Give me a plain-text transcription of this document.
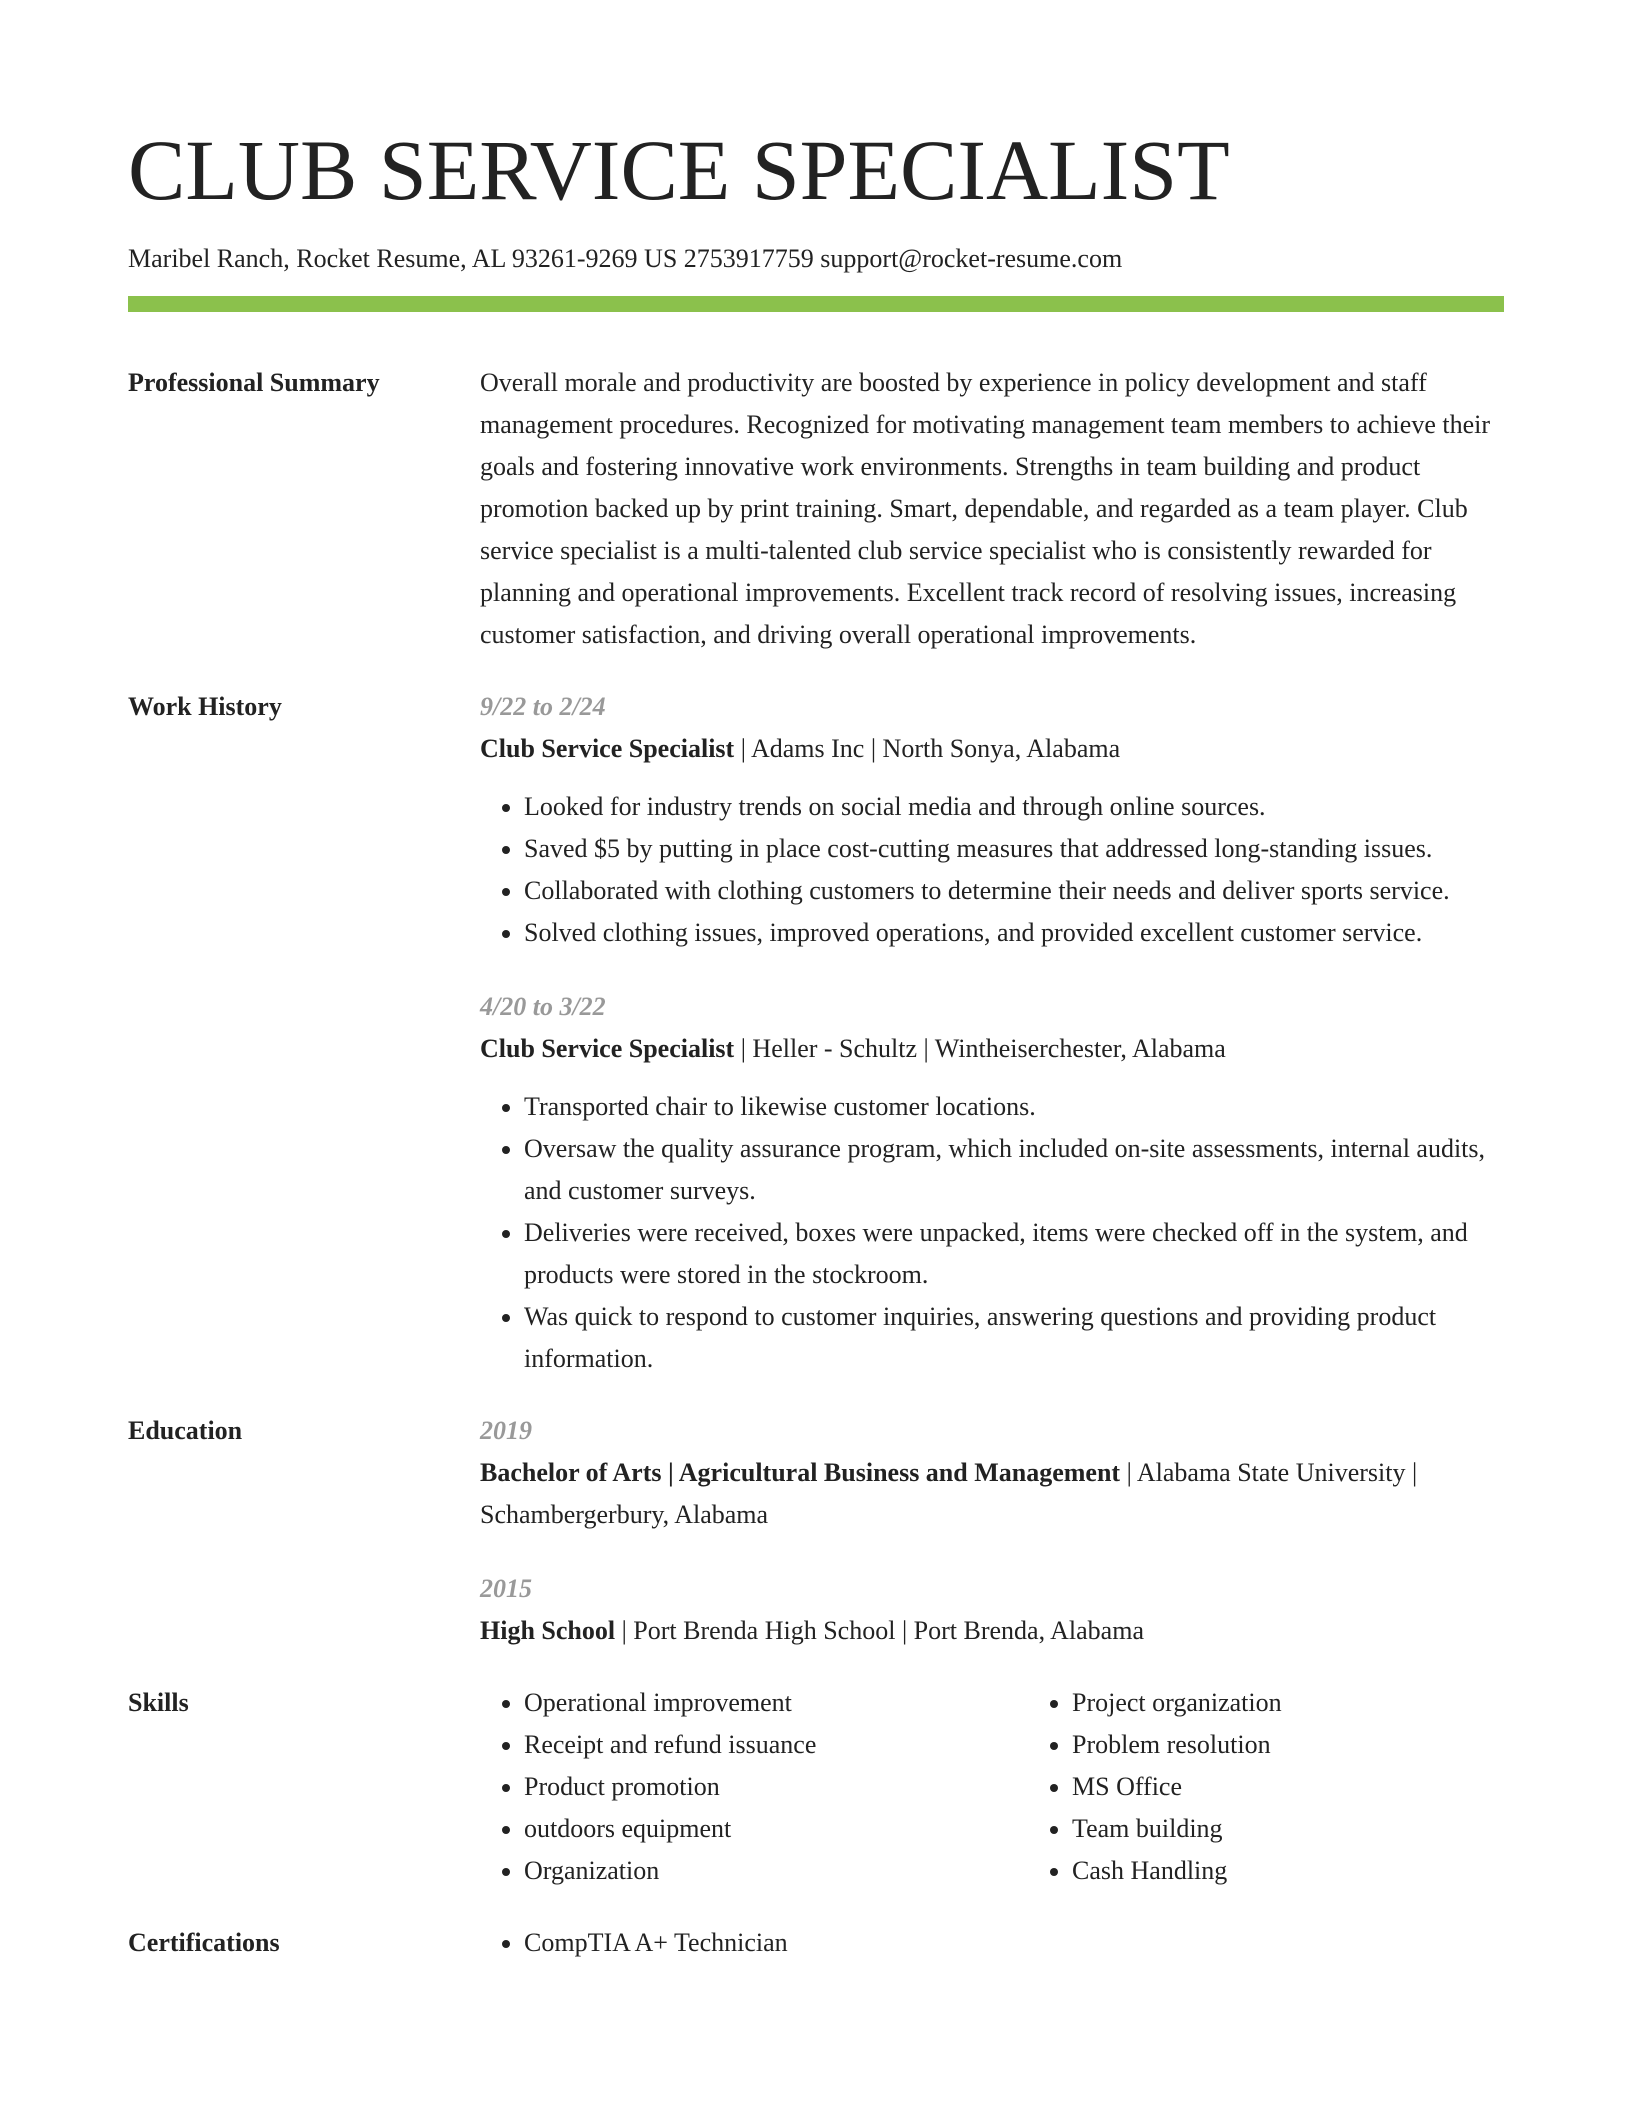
CLUB SERVICE SPECIALIST
Maribel Ranch, Rocket Resume, AL 93261-9269 US 2753917759 support@rocket-resume.com
Professional Summary	Overall morale and productivity are boosted by experience in policy development and staff management procedures. Recognized for motivating management team members to achieve their goals and fostering innovative work environments. Strengths in team building and product promotion backed up by print training. Smart, dependable, and regarded as a team player. Club service specialist is a multi-talented club service specialist who is consistently rewarded for planning and operational improvements. Excellent track record of resolving issues, increasing customer satisfaction, and driving overall operational improvements.

Work History	9/22 to 2/24

Club Service Specialist | Adams Inc | North Sonya, Alabama

• Looked for industry trends on social media and through online sources.
• Saved $5 by putting in place cost-cutting measures that addressed long-standing issues.
• Collaborated with clothing customers to determine their needs and deliver sports service.
• Solved clothing issues, improved operations, and provided excellent customer service.

4/20 to 3/22

Club Service Specialist | Heller - Schultz | Wintheiserchester, Alabama

• Transported chair to likewise customer locations.
• Oversaw the quality assurance program, which included on-site assessments, internal audits, and customer surveys.
• Deliveries were received, boxes were unpacked, items were checked off in the system, and products were stored in the stockroom.
• Was quick to respond to customer inquiries, answering questions and providing product information.
Education	2019

Bachelor of Arts | Agricultural Business and Management | Alabama State University | Schambergerbury, Alabama

2015

High School | Port Brenda High School | Port Brenda, Alabama

Skills	• Operational improvement
• Receipt and refund issuance
• Product promotion
• outdoors equipment
• Organization
• Project organization
• Problem resolution
• MS Office
• Team building
• Cash Handling
Certifications	• CompTIA A+ Technician
